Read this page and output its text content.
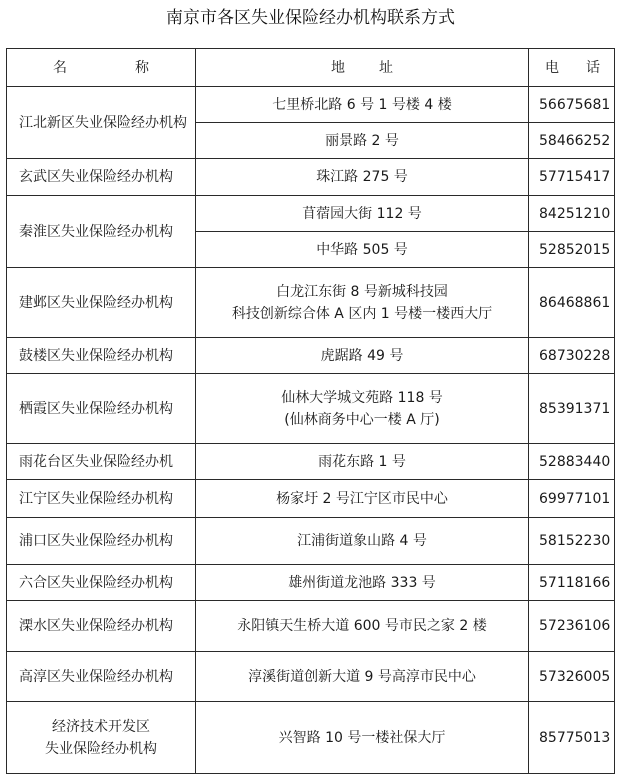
南京市各区失业保险经办机构联系方式
名 称	地 址	电 话

江北新区失业保险经办机构	七里桥北路 6 号 1 号楼 4 楼	56675681
	丽景路 2 号	58466252
玄武区失业保险经办机构	珠江路 275 号	57715417
秦淮区失业保险经办机构	苜蓿园大街 112 号	84251210
	中华路 505 号	52852015
建邺区失业保险经办机构	白龙江东街 8 号新城科技园
科技创新综合体 A 区内 1 号楼一楼西大厅	86468861
鼓楼区失业保险经办机构	虎踞路 49 号	68730228
栖霞区失业保险经办机构	仙林大学城文苑路 118 号
(仙林商务中心一楼 A 厅)	85391371
雨花台区失业保险经办机	雨花东路 1 号	52883440
江宁区失业保险经办机构	杨家圩 2 号江宁区市民中心	69977101
浦口区失业保险经办机构	江浦街道象山路 4 号	58152230
六合区失业保险经办机构	雄州街道龙池路 333 号	57118166
溧水区失业保险经办机构	永阳镇天生桥大道 600 号市民之家 2 楼	57236106
高淳区失业保险经办机构	淳溪街道创新大道 9 号高淳市民中心	57326005

经济技术开发区
失业保险经办机构	兴智路 10 号一楼社保大厅	85775013
